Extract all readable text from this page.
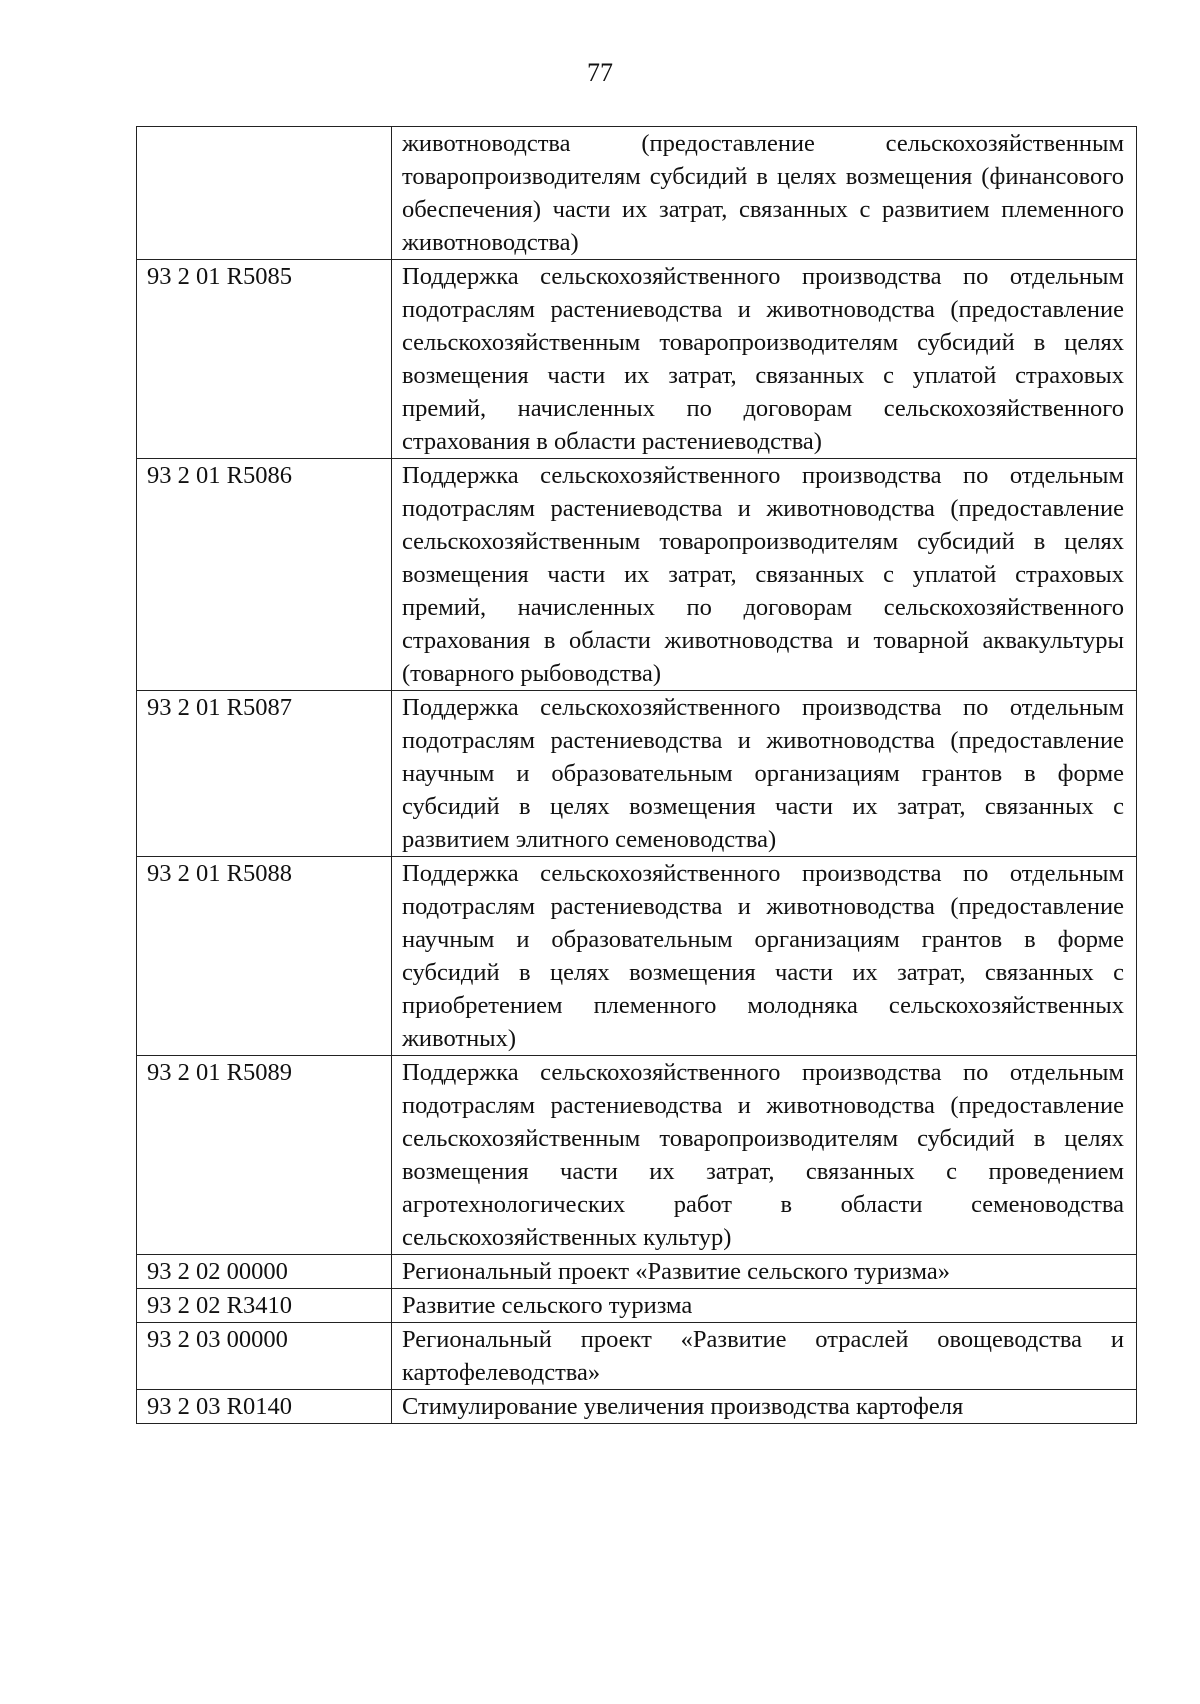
77
	животноводства (предоставление сельскохозяйственным товаропроизводителям субсидий в целях возмещения (финансового обеспечения) части их затрат, связанных с развитием племенного животноводства)
93 2 01 R5085	Поддержка сельскохозяйственного производства по отдельным подотраслям растениеводства и животноводства (предоставление сельскохозяйственным товаропроизводителям субсидий в целях возмещения части их затрат, связанных с уплатой страховых премий, начисленных по договорам сельскохозяйственного страхования в области растениеводства)
93 2 01 R5086	Поддержка сельскохозяйственного производства по отдельным подотраслям растениеводства и животноводства (предоставление сельскохозяйственным товаропроизводителям субсидий в целях возмещения части их затрат, связанных с уплатой страховых премий, начисленных по договорам сельскохозяйственного страхования в области животноводства и товарной аквакультуры (товарного рыбоводства)
93 2 01 R5087	Поддержка сельскохозяйственного производства по отдельным подотраслям растениеводства и животноводства (предоставление научным и образовательным организациям грантов в форме субсидий в целях возмещения части их затрат, связанных с развитием элитного семеноводства)
93 2 01 R5088	Поддержка сельскохозяйственного производства по отдельным подотраслям растениеводства и животноводства (предоставление научным и образовательным организациям грантов в форме субсидий в целях возмещения части их затрат, связанных с приобретением племенного молодняка сельскохозяйственных животных)
93 2 01 R5089	Поддержка сельскохозяйственного производства по отдельным подотраслям растениеводства и животноводства (предоставление сельскохозяйственным товаропроизводителям субсидий в целях возмещения части их затрат, связанных с проведением агротехнологических работ в области семеноводства сельскохозяйственных культур)
93 2 02 00000	Региональный проект «Развитие сельского туризма»
93 2 02 R3410	Развитие сельского туризма
93 2 03 00000	Региональный проект «Развитие отраслей овощеводства и картофелеводства»
93 2 03 R0140	Стимулирование увеличения производства картофеля
